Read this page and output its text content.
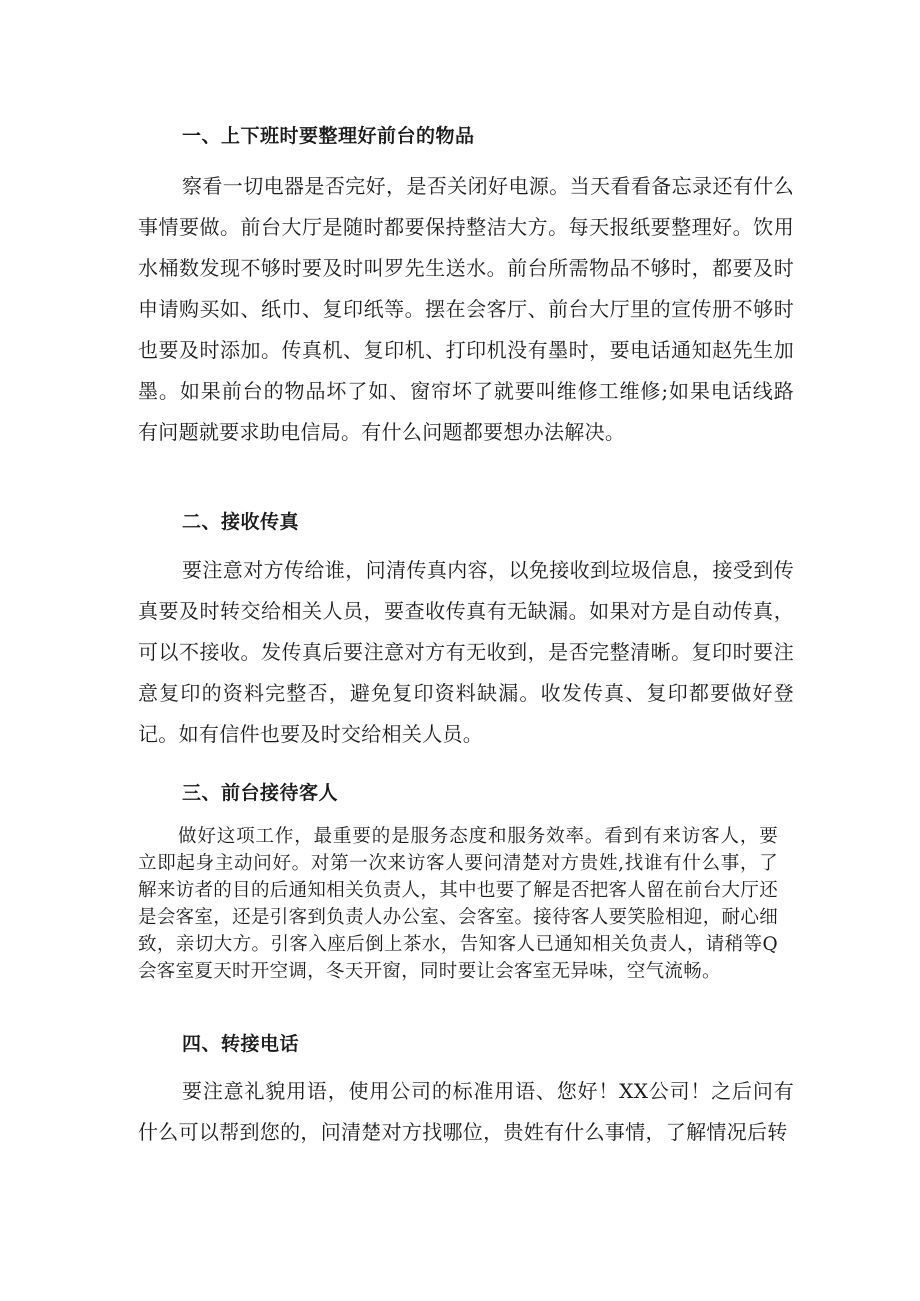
一、上下班时要整理好前台的物品

察看一切电器是否完好，是否关闭好电源。当天看看备忘录还有什么事情要做。前台大厅是随时都要保持整洁大方。每天报纸要整理好。饮用水桶数发现不够时要及时叫罗先生送水。前台所需物品不够时，都要及时申请购买如、纸巾、复印纸等。摆在会客厅、前台大厅里的宣传册不够时也要及时添加。传真机、复印机、打印机没有墨时，要电话通知赵先生加墨。如果前台的物品坏了如、窗帘坏了就要叫维修工维修;如果电话线路有问题就要求助电信局。有什么问题都要想办法解决。

二、接收传真

要注意对方传给谁，问清传真内容，以免接收到垃圾信息，接受到传真要及时转交给相关人员，要查收传真有无缺漏。如果对方是自动传真，可以不接收。发传真后要注意对方有无收到，是否完整清晰。复印时要注意复印的资料完整否，避免复印资料缺漏。收发传真、复印都要做好登记。如有信件也要及时交给相关人员。

三、前台接待客人

做好这项工作，最重要的是服务态度和服务效率。看到有来访客人，要立即起身主动问好。对第一次来访客人要问清楚对方贵姓,找谁有什么事，了解来访者的目的后通知相关负责人，其中也要了解是否把客人留在前台大厅还是会客室，还是引客到负责人办公室、会客室。接待客人要笑脸相迎，耐心细致，亲切大方。引客入座后倒上茶水，告知客人已通知相关负责人，请稍等Q会客室夏天时开空调，冬天开窗，同时要让会客室无异味，空气流畅。

四、转接电话

要注意礼貌用语，使用公司的标准用语、您好！XX公司！之后问有什么可以帮到您的，问清楚对方找哪位，贵姓有什么事情，了解情况后转
